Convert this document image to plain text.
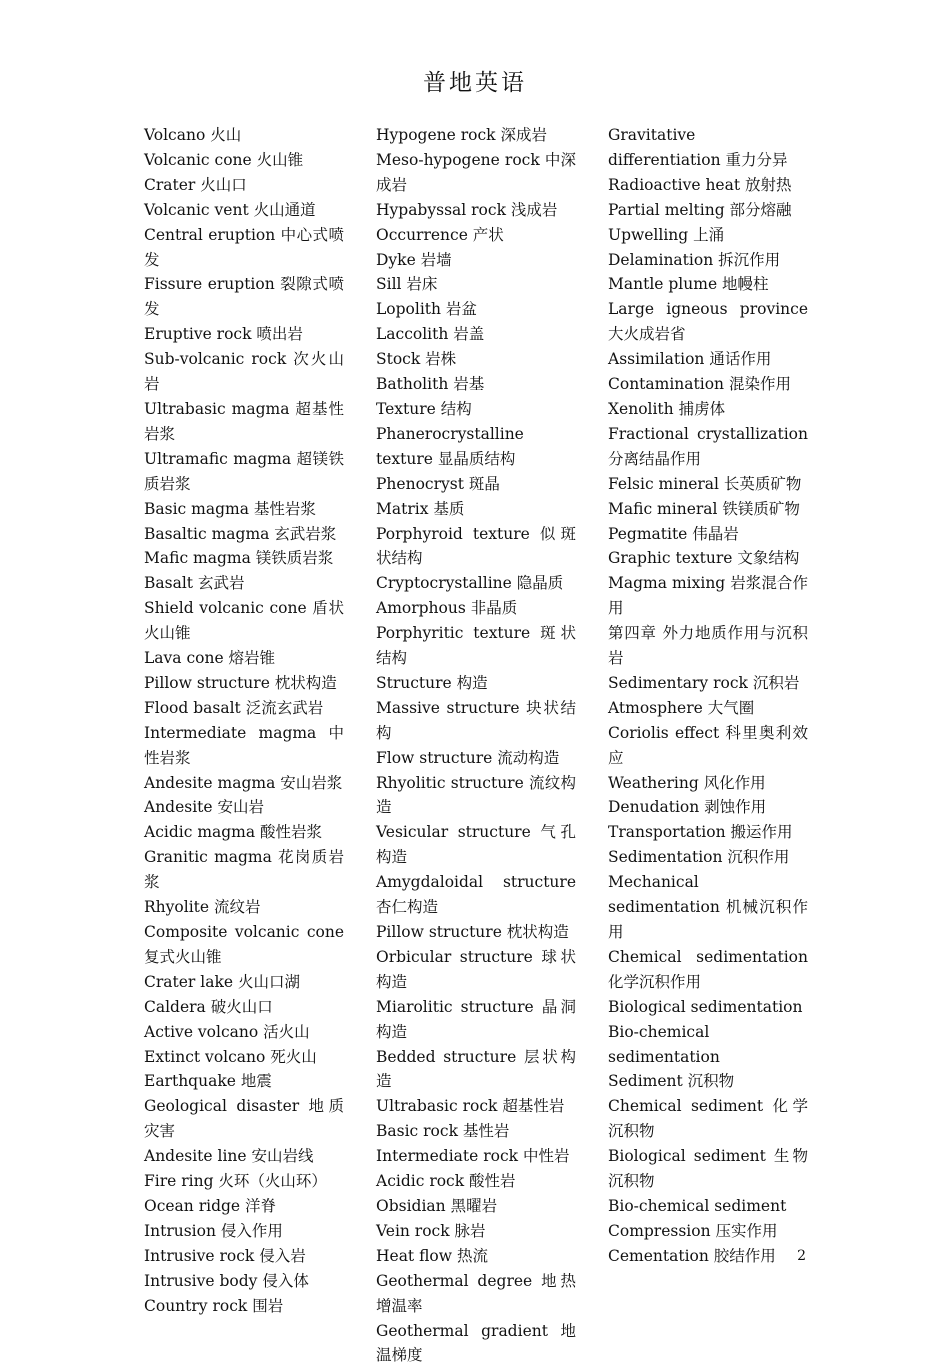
普地英语

Volcano 火山

Volcanic cone 火山锥

Crater 火山口

Volcanic vent 火山通道

Central eruption 中心式喷发

Fissure eruption 裂隙式喷发

Eruptive rock 喷出岩

Sub-volcanic rock 次火山岩

Ultrabasic magma 超基性岩浆

Ultramafic magma 超镁铁质岩浆

Basic magma 基性岩浆

Basaltic magma 玄武岩浆

Mafic magma 镁铁质岩浆

Basalt 玄武岩

Shield volcanic cone 盾状火山锥

Lava cone 熔岩锥

Pillow structure 枕状构造

Flood basalt 泛流玄武岩

Intermediate magma 中性岩浆

Andesite magma 安山岩浆

Andesite 安山岩

Acidic magma 酸性岩浆

Granitic magma 花岗质岩浆

Rhyolite 流纹岩

Composite volcanic cone 复式火山锥

Crater lake 火山口湖

Caldera 破火山口

Active volcano 活火山

Extinct volcano 死火山

Earthquake 地震

Geological disaster 地质灾害

Andesite line 安山岩线

Fire ring 火环（火山环）

Ocean ridge 洋脊

Intrusion 侵入作用

Intrusive rock 侵入岩

Intrusive body 侵入体

Country rock 围岩

Hypogene rock 深成岩

Meso-hypogene rock 中深成岩

Hypabyssal rock 浅成岩

Occurrence 产状

Dyke 岩墙

Sill 岩床

Lopolith 岩盆

Laccolith 岩盖

Stock 岩株

Batholith 岩基

Texture 结构

Phanerocrystalline texture 显晶质结构

Phenocryst 斑晶

Matrix 基质

Porphyroid texture 似斑状结构

Cryptocrystalline 隐晶质

Amorphous 非晶质

Porphyritic texture 斑状结构

Structure 构造

Massive structure 块状结构

Flow structure 流动构造

Rhyolitic structure 流纹构造

Vesicular structure 气孔构造

Amygdaloidal structure 杏仁构造

Pillow structure 枕状构造

Orbicular structure 球状构造

Miarolitic structure 晶洞构造

Bedded structure 层状构造

Ultrabasic rock 超基性岩

Basic rock 基性岩

Intermediate rock 中性岩

Acidic rock 酸性岩

Obsidian 黑曜岩

Vein rock 脉岩

Heat flow 热流

Geothermal degree 地热增温率

Geothermal gradient 地温梯度

Gravitative differentiation 重力分异

Radioactive heat 放射热

Partial melting 部分熔融

Upwelling 上涌

Delamination 拆沉作用

Mantle plume 地幔柱

Large igneous province 大火成岩省

Assimilation 通话作用

Contamination 混染作用

Xenolith 捕虏体

Fractional crystallization 分离结晶作用

Felsic mineral 长英质矿物

Mafic mineral 铁镁质矿物

Pegmatite 伟晶岩

Graphic texture 文象结构

Magma mixing 岩浆混合作用

第四章 外力地质作用与沉积岩

Sedimentary rock 沉积岩

Atmosphere 大气圈

Coriolis effect 科里奥利效应

Weathering 风化作用

Denudation 剥蚀作用

Transportation 搬运作用

Sedimentation 沉积作用

Mechanical sedimentation 机械沉积作用

Chemical sedimentation 化学沉积作用

Biological sedimentation

Bio-chemical sedimentation

Sediment 沉积物

Chemical sediment 化学沉积物

Biological sediment 生物沉积物

Bio-chemical sediment

Compression 压实作用

Cementation 胶结作用	2
